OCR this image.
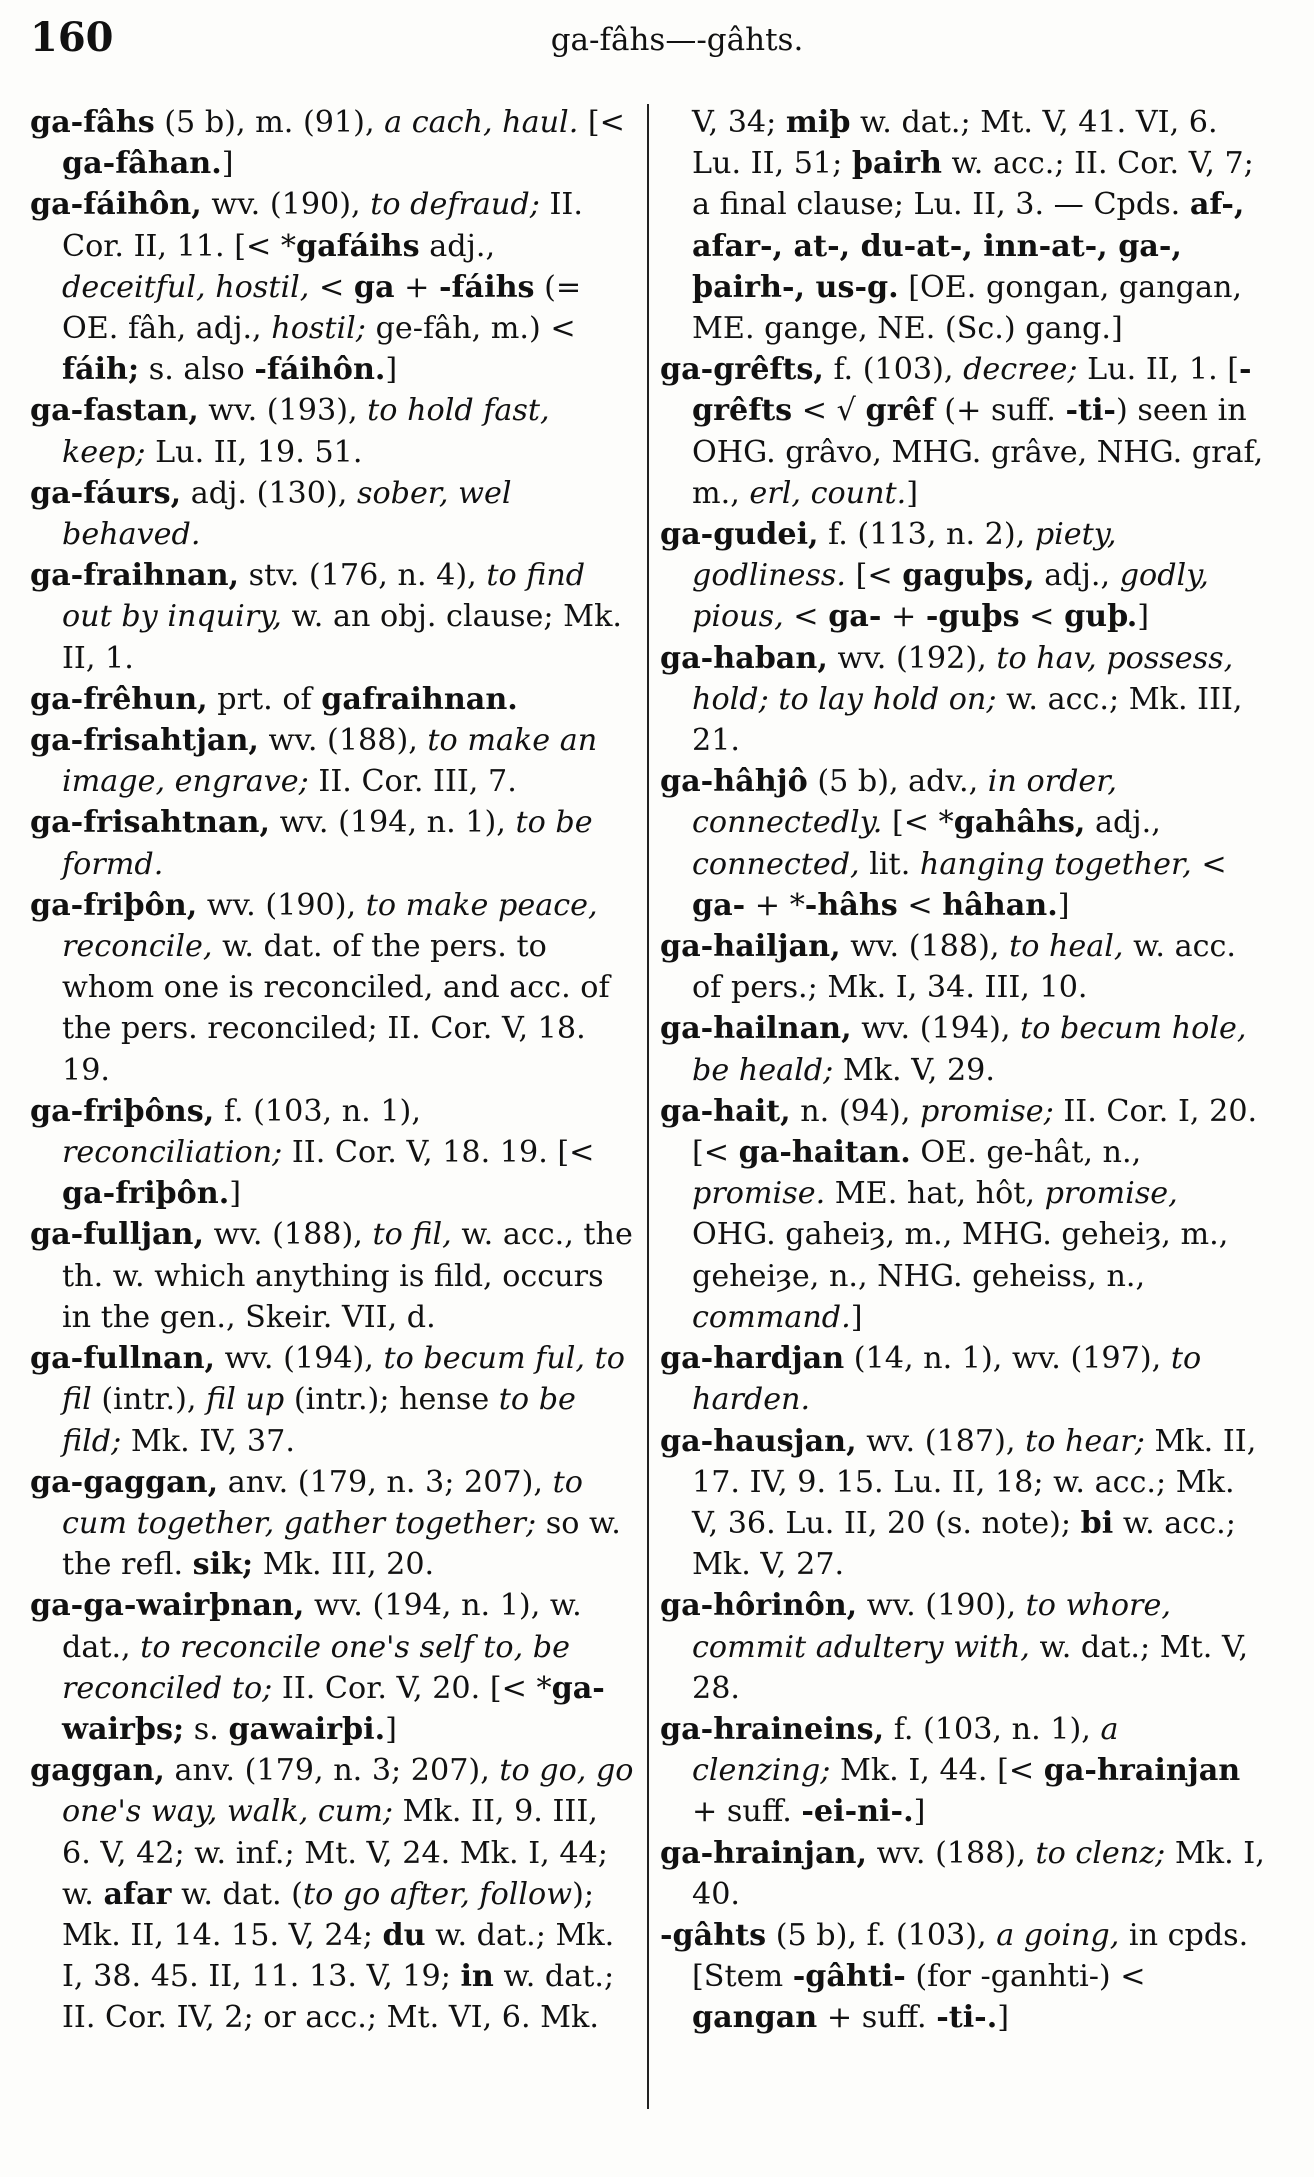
160	ga-fâhs—-gâhts.
ga-fâhs (5 b), m. (91), a cach, haul. [< ga-fâhan.]
ga-fáihôn, wv. (190), to defraud; II. Cor. II, 11. [< *gafáihs adj., deceitful, hostil, < ga + -fáihs (= OE. fâh, adj., hostil; ge-fâh, m.) < fáih; s. also -fáihôn.]
ga-fastan, wv. (193), to hold fast, keep; Lu. II, 19. 51.
ga-fáurs, adj. (130), sober, wel behaved.
ga-fraihnan, stv. (176, n. 4), to find out by inquiry, w. an obj. clause; Mk. II, 1.
ga-frêhun, prt. of gafraihnan.
ga-frisahtjan, wv. (188), to make an image, engrave; II. Cor. III, 7.
ga-frisahtnan, wv. (194, n. 1), to be formd.
ga-friþôn, wv. (190), to make peace, reconcile, w. dat. of the pers. to whom one is reconciled, and acc. of the pers. reconciled; II. Cor. V, 18. 19.
ga-friþôns, f. (103, n. 1), reconciliation; II. Cor. V, 18. 19. [< ga-friþôn.]
ga-fulljan, wv. (188), to fil, w. acc., the th. w. which anything is fild, occurs in the gen., Skeir. VII, d.
ga-fullnan, wv. (194), to becum ful, to fil (intr.), fil up (intr.); hense to be fild; Mk. IV, 37.
ga-gaggan, anv. (179, n. 3; 207), to cum together, gather together; so w. the refl. sik; Mk. III, 20.
ga-ga-wairþnan, wv. (194, n. 1), w. dat., to reconcile one's self to, be reconciled to; II. Cor. V, 20. [< *ga-wairþs; s. gawairþi.]
gaggan, anv. (179, n. 3; 207), to go, go one's way, walk, cum; Mk. II, 9. III, 6. V, 42; w. inf.; Mt. V, 24. Mk. I, 44; w. afar w. dat. (to go after, follow); Mk. II, 14. 15. V, 24; du w. dat.; Mk. I, 38. 45. II, 11. 13. V, 19; in w. dat.; II. Cor. IV, 2; or acc.; Mt. VI, 6. Mk.
V, 34; miþ w. dat.; Mt. V, 41. VI, 6. Lu. II, 51; þairh w. acc.; II. Cor. V, 7; a final clause; Lu. II, 3. — Cpds. af-, afar-, at-, du-at-, inn-at-, ga-, þairh-, us-g. [OE. gongan, gangan, ME. gange, NE. (Sc.) gang.]
ga-grêfts, f. (103), decree; Lu. II, 1. [-grêfts < √ grêf (+ suff. -ti-) seen in OHG. grâvo, MHG. grâve, NHG. graf, m., erl, count.]
ga-gudei, f. (113, n. 2), piety, godliness. [< gaguþs, adj., godly, pious, < ga- + -guþs < guþ.]
ga-haban, wv. (192), to hav, possess, hold; to lay hold on; w. acc.; Mk. III, 21.
ga-hâhjô (5 b), adv., in order, connectedly. [< *gahâhs, adj., connected, lit. hanging together, < ga- + *-hâhs < hâhan.]
ga-hailjan, wv. (188), to heal, w. acc. of pers.; Mk. I, 34. III, 10.
ga-hailnan, wv. (194), to becum hole, be heald; Mk. V, 29.
ga-hait, n. (94), promise; II. Cor. I, 20. [< ga-haitan. OE. ge-hât, n., promise. ME. hat, hôt, promise, OHG. gaheiȝ, m., MHG. geheiȝ, m., geheiȝe, n., NHG. geheiss, n., command.]
ga-hardjan (14, n. 1), wv. (197), to harden.
ga-hausjan, wv. (187), to hear; Mk. II, 17. IV, 9. 15. Lu. II, 18; w. acc.; Mk. V, 36. Lu. II, 20 (s. note); bi w. acc.; Mk. V, 27.
ga-hôrinôn, wv. (190), to whore, commit adultery with, w. dat.; Mt. V, 28.
ga-hraineins, f. (103, n. 1), a clenzing; Mk. I, 44. [< ga-hrainjan + suff. -ei-ni-.]
ga-hrainjan, wv. (188), to clenz; Mk. I, 40.
-gâhts (5 b), f. (103), a going, in cpds. [Stem -gâhti- (for -ganhti-) < gangan + suff. -ti-.]
